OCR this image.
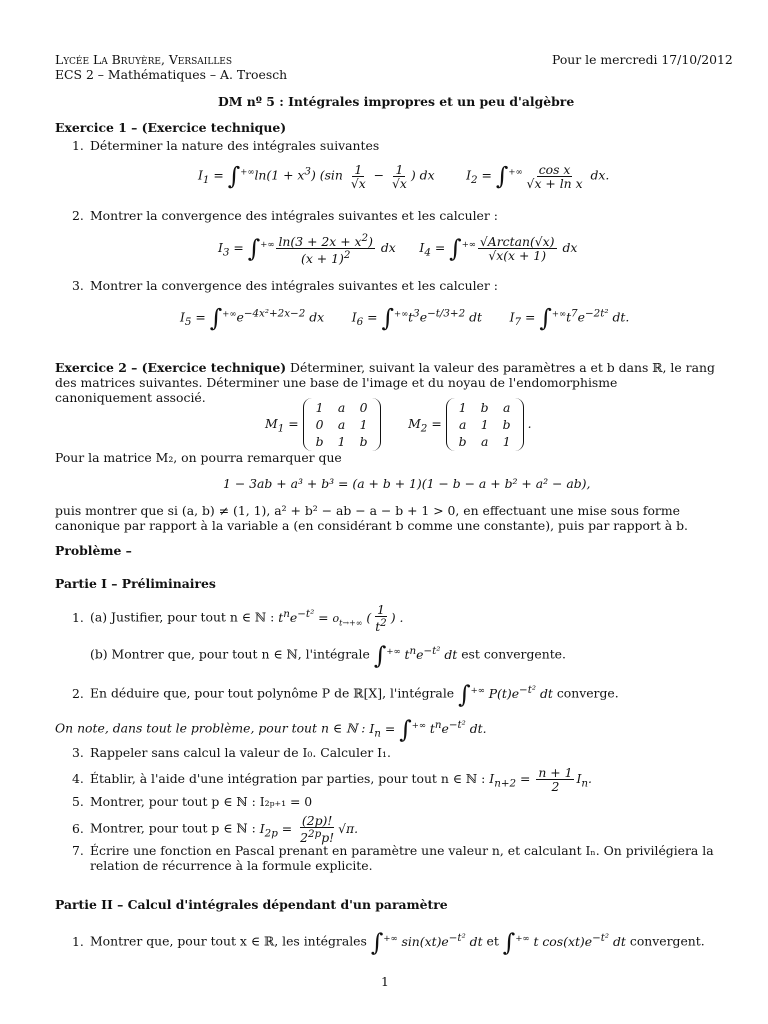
Lycée La Bruyère, Versailles
ECS 2 – Mathématiques – A. Troesch
Pour le mercredi 17/10/2012
DM nº 5 : Intégrales impropres et un peu d'algèbre
Exercice 1 – (Exercice technique)
1. Déterminer la nature des intégrales suivantes
$I_1 = \int^{+\infty}\ln(1 + x^3)$ ($\sin \frac{1}{√x} - \frac{1}{√x}$ ) dx        $I_2 = \int^{+\infty} \frac{\text{cos x}}{\text{√x + ln x}}$ dx.
2. Montrer la convergence des intégrales suivantes et les calculer :
$I_3 = \int^{+\infty} \frac{\ln(3 + 2x + x^2)}{(x + 1)^2}$ dx      $I_4 = \int^{+\infty} \frac{\text{√Arctan(√x)}}{√x(x + 1)}$ dx
3. Montrer la convergence des intégrales suivantes et les calculer :
$I_5 = \int^{+\infty}e^{-4x^2+2x-2}$ dx       $I_6 = \int^{+\infty}t^3e^{-t/3+2}$ dt       $I_7 = \int^{+\infty}t^7e^{-2t^2}$ dt.
Exercice 2 – (Exercice technique) Déterminer, suivant la valeur des paramètres a et b dans ℝ, le rang des matrices suivantes. Déterminer une base de l'image et du noyau de l'endomorphisme canoniquement associé.
$M_1$ =
1	a	0
0	a	1
b	1	b
$M_2$ =
1	b	a
a	1	b
b	a	1
.
Pour la matrice M₂, on pourra remarquer que
1 − 3ab + a³ + b³ = (a + b + 1)(1 − b − a + b² + a² − ab),
puis montrer que si (a, b) ≠ (1, 1), a² + b² − ab − a − b + 1 > 0, en effectuant une mise sous forme canonique par rapport à la variable a (en considérant b comme une constante), puis par rapport à b.
Problème –
Partie I – Préliminaires
1. (a) Justifier, pour tout n ∈ ℕ : $t^ne^{-t^2} = o_{t\to+\infty}$ ( $\frac{1}{t^2}$ ) .
(b) Montrer que, pour tout n ∈ ℕ, l'intégrale ∫+∞ $t^ne^{-t^2}$ dt est convergente.
2. En déduire que, pour tout polynôme P de ℝ[X], l'intégrale ∫+∞ $P(t)e^{-t^2}$ dt converge.
On note, dans tout le problème, pour tout n ∈ ℕ : $I_n = \int^{+\infty}$ $t^ne^{-t^2}$ dt.
3. Rappeler sans calcul la valeur de I₀. Calculer I₁.
4. Établir, à l'aide d'une intégration par parties, pour tout n ∈ ℕ : $I_{n+2} = \frac{n + 1}{2} I_n$.
5. Montrer, pour tout p ∈ ℕ : I₂ₚ₊₁ = 0
6. Montrer, pour tout p ∈ ℕ : $I_{2p} = \frac{(2p)!}{2^{2p}p!} √\pi$.
7. Écrire une fonction en Pascal prenant en paramètre une valeur n, et calculant Iₙ. On privilégiera la relation de récurrence à la formule explicite.
Partie II – Calcul d'intégrales dépendant d'un paramètre
1. Montrer que, pour tout x ∈ ℝ, les intégrales ∫+∞ $\sin(xt)e^{-t^2}$ dt et ∫+∞ t $\cos(xt)e^{-t^2}$ dt convergent.
1
